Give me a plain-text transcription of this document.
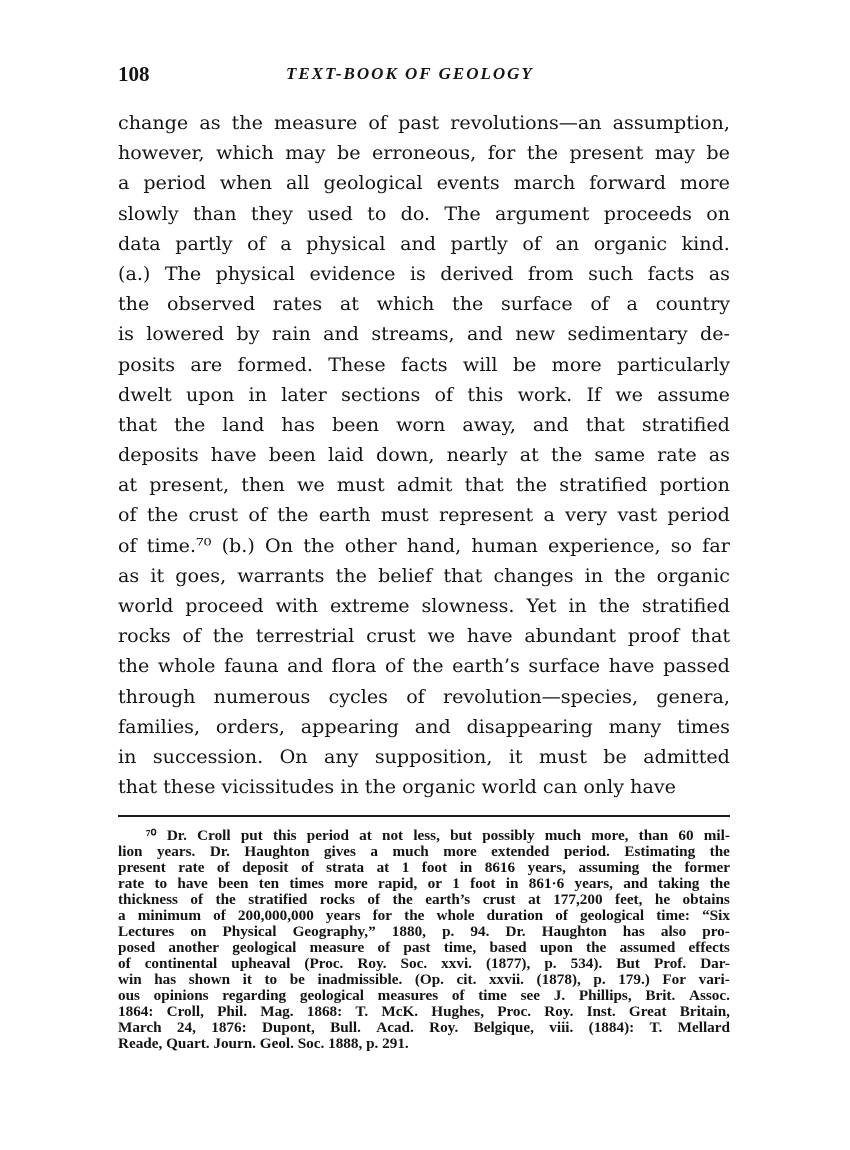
108	TEXT-BOOK OF GEOLOGY
change as the measure of past revolutions—an assumption,
however, which may be erroneous, for the present may be
a period when all geological events march forward more
slowly than they used to do. The argument proceeds on
data partly of a physical and partly of an organic kind.
(a.) The physical evidence is derived from such facts as
the observed rates at which the surface of a country
is lowered by rain and streams, and new sedimentary de-
posits are formed. These facts will be more particularly
dwelt upon in later sections of this work. If we assume
that the land has been worn away, and that stratified
deposits have been laid down, nearly at the same rate as
at present, then we must admit that the stratified portion
of the crust of the earth must represent a very vast period
of time.⁷⁰ (b.) On the other hand, human experience, so far
as it goes, warrants the belief that changes in the organic
world proceed with extreme slowness. Yet in the stratified
rocks of the terrestrial crust we have abundant proof that
the whole fauna and flora of the earth’s surface have passed
through numerous cycles of revolution—species, genera,
families, orders, appearing and disappearing many times
in succession. On any supposition, it must be admitted
that these vicissitudes in the organic world can only have
⁷⁰ Dr. Croll put this period at not less, but possibly much more, than 60 mil-
lion years. Dr. Haughton gives a much more extended period. Estimating the
present rate of deposit of strata at 1 foot in 8616 years, assuming the former
rate to have been ten times more rapid, or 1 foot in 861·6 years, and taking the
thickness of the stratified rocks of the earth’s crust at 177,200 feet, he obtains
a minimum of 200,000,000 years for the whole duration of geological time: “Six
Lectures on Physical Geography,” 1880, p. 94. Dr. Haughton has also pro-
posed another geological measure of past time, based upon the assumed effects
of continental upheaval (Proc. Roy. Soc. xxvi. (1877), p. 534). But Prof. Dar-
win has shown it to be inadmissible. (Op. cit. xxvii. (1878), p. 179.) For vari-
ous opinions regarding geological measures of time see J. Phillips, Brit. Assoc.
1864: Croll, Phil. Mag. 1868: T. McK. Hughes, Proc. Roy. Inst. Great Britain,
March 24, 1876: Dupont, Bull. Acad. Roy. Belgique, viii. (1884): T. Mellard
Reade, Quart. Journ. Geol. Soc. 1888, p. 291.
